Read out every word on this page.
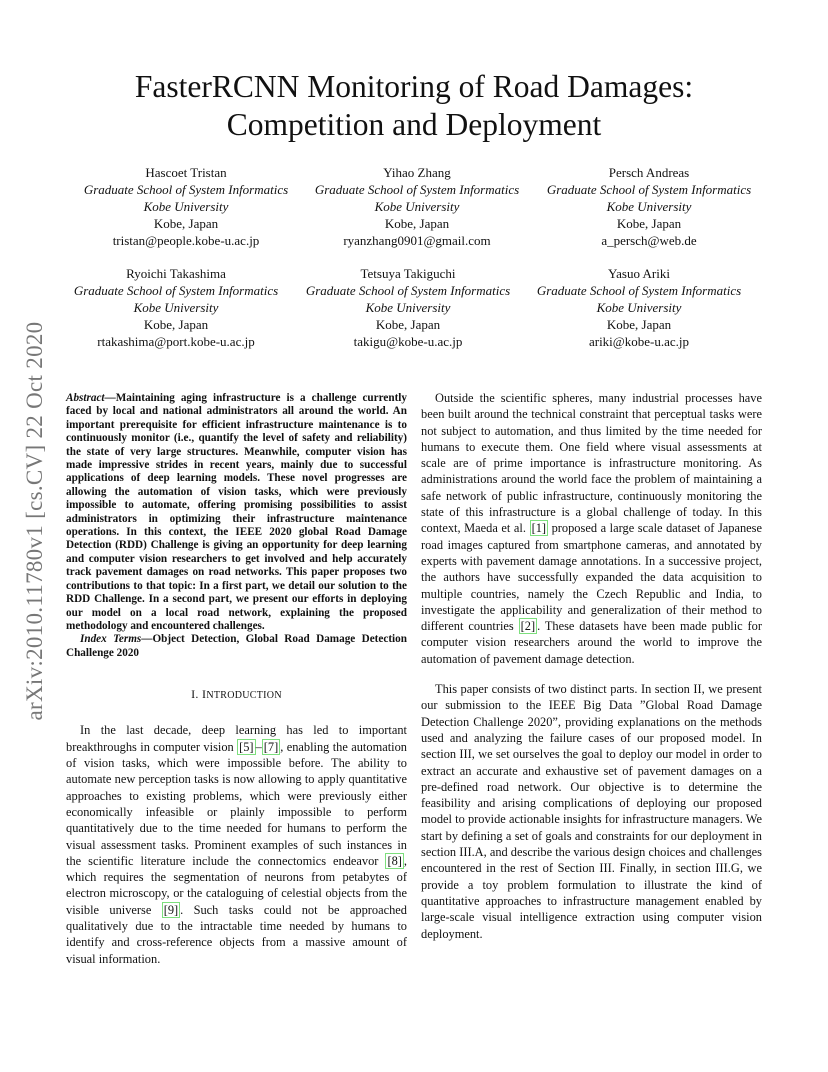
arXiv:2010.11780v1 [cs.CV] 22 Oct 2020
FasterRCNN Monitoring of Road Damages:
Competition and Deployment
Hascoet Tristan
Graduate School of System Informatics
Kobe University
Kobe, Japan
tristan@people.kobe-u.ac.jp
Yihao Zhang
Graduate School of System Informatics
Kobe University
Kobe, Japan
ryanzhang0901@gmail.com
Persch Andreas
Graduate School of System Informatics
Kobe University
Kobe, Japan
a_persch@web.de
Ryoichi Takashima
Graduate School of System Informatics
Kobe University
Kobe, Japan
rtakashima@port.kobe-u.ac.jp
Tetsuya Takiguchi
Graduate School of System Informatics
Kobe University
Kobe, Japan
takigu@kobe-u.ac.jp
Yasuo Ariki
Graduate School of System Informatics
Kobe University
Kobe, Japan
ariki@kobe-u.ac.jp

Abstract—Maintaining aging infrastructure is a challenge currently faced by local and national administrators all around the world. An important prerequisite for efficient infrastructure maintenance is to continuously monitor (i.e., quantify the level of safety and reliability) the state of very large structures. Meanwhile, computer vision has made impressive strides in recent years, mainly due to successful applications of deep learning models. These novel progresses are allowing the automation of vision tasks, which were previously impossible to automate, offering promising possibilities to assist administrators in optimizing their infrastructure maintenance operations. In this context, the IEEE 2020 global Road Damage Detection (RDD) Challenge is giving an opportunity for deep learning and computer vision researchers to get involved and help accurately track pavement damages on road networks. This paper proposes two contributions to that topic: In a first part, we detail our solution to the RDD Challenge. In a second part, we present our efforts in deploying our model on a local road network, explaining the proposed methodology and encountered challenges.

Index Terms—Object Detection, Global Road Damage Detection Challenge 2020

I. INTRODUCTION

In the last decade, deep learning has led to important breakthroughs in computer vision [5] – [7] , enabling the automation of vision tasks, which were impossible before. The ability to automate new perception tasks is now allowing to apply quantitative approaches to existing problems, which were previously either economically infeasible or plainly impossible to perform quantitatively due to the time needed for humans to perform the visual assessment tasks. Prominent examples of such instances in the scientific literature include the connectomics endeavor [8] , which requires the segmentation of neurons from petabytes of electron microscopy, or the cataloguing of celestial objects from the visible universe [9] . Such tasks could not be approached qualitatively due to the intractable time needed by humans to identify and cross-reference objects from a massive amount of visual information.

Outside the scientific spheres, many industrial processes have been built around the technical constraint that perceptual tasks were not subject to automation, and thus limited by the time needed for humans to execute them. One field where visual assessments at scale are of prime importance is infrastructure monitoring. As administrations around the world face the problem of maintaining a safe network of public infrastructure, continuously monitoring the state of this infrastructure is a global challenge of today. In this context, Maeda et al. [1] proposed a large scale dataset of Japanese road images captured from smartphone cameras, and annotated by experts with pavement damage annotations. In a successive project, the authors have successfully expanded the data acquisition to multiple countries, namely the Czech Republic and India, to investigate the applicability and generalization of their method to different countries [2] . These datasets have been made public for computer vision researchers around the world to improve the automation of pavement damage detection.

This paper consists of two distinct parts. In section II, we present our submission to the IEEE Big Data ”Global Road Damage Detection Challenge 2020”, providing explanations on the methods used and analyzing the failure cases of our proposed model. In section III, we set ourselves the goal to deploy our model in order to extract an accurate and exhaustive set of pavement damages on a pre-defined road network. Our objective is to determine the feasibility and arising complications of deploying our proposed model to provide actionable insights for infrastructure managers. We start by defining a set of goals and constraints for our deployment in section III.A, and describe the various design choices and challenges encountered in the rest of Section III. Finally, in section III.G, we provide a toy problem formulation to illustrate the kind of quantitative approaches to infrastructure management enabled by large-scale visual intelligence extraction using computer vision deployment.
